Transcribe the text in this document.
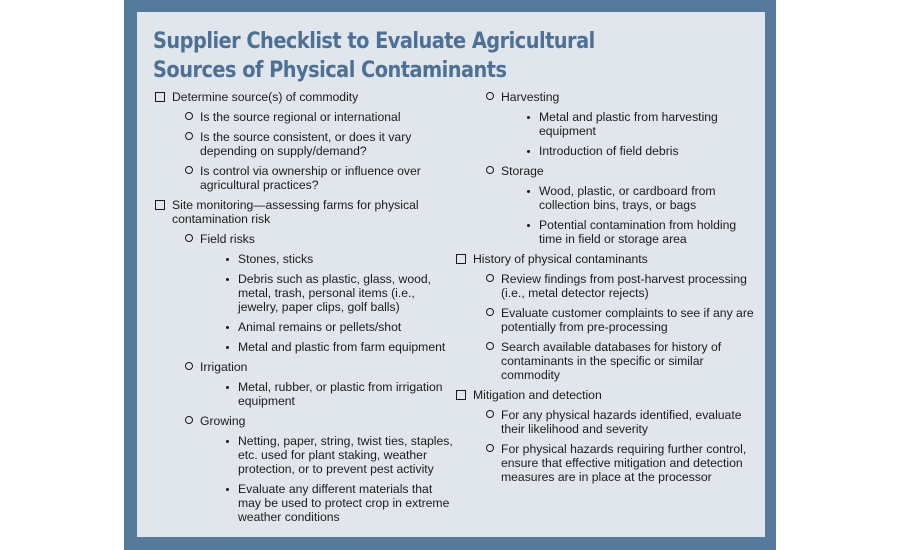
Supplier Checklist to Evaluate Agricultural Sources of Physical Contaminants
Determine source(s) of commodity
Is the source regional or international
Is the source consistent, or does it vary depending on supply/demand?
Is control via ownership or influence over agricultural practices?
Site monitoring—assessing farms for physical contamination risk
Field risks
Stones, sticks
Debris such as plastic, glass, wood, metal, trash, personal items (i.e., jewelry, paper clips, golf balls)
Animal remains or pellets/shot
Metal and plastic from farm equipment
Irrigation
Metal, rubber, or plastic from irrigation equipment
Growing
Netting, paper, string, twist ties, staples, etc. used for plant staking, weather protection, or to prevent pest activity
Evaluate any different materials that may be used to protect crop in extreme weather conditions
Harvesting
Metal and plastic from harvesting equipment
Introduction of field debris
Storage
Wood, plastic, or cardboard from collection bins, trays, or bags
Potential contamination from holding time in field or storage area
History of physical contaminants
Review findings from post-harvest processing (i.e., metal detector rejects)
Evaluate customer complaints to see if any are potentially from pre-processing
Search available databases for history of contaminants in the specific or similar commodity
Mitigation and detection
For any physical hazards identified, evaluate their likelihood and severity
For physical hazards requiring further control, ensure that effective mitigation and detection measures are in place at the processor
